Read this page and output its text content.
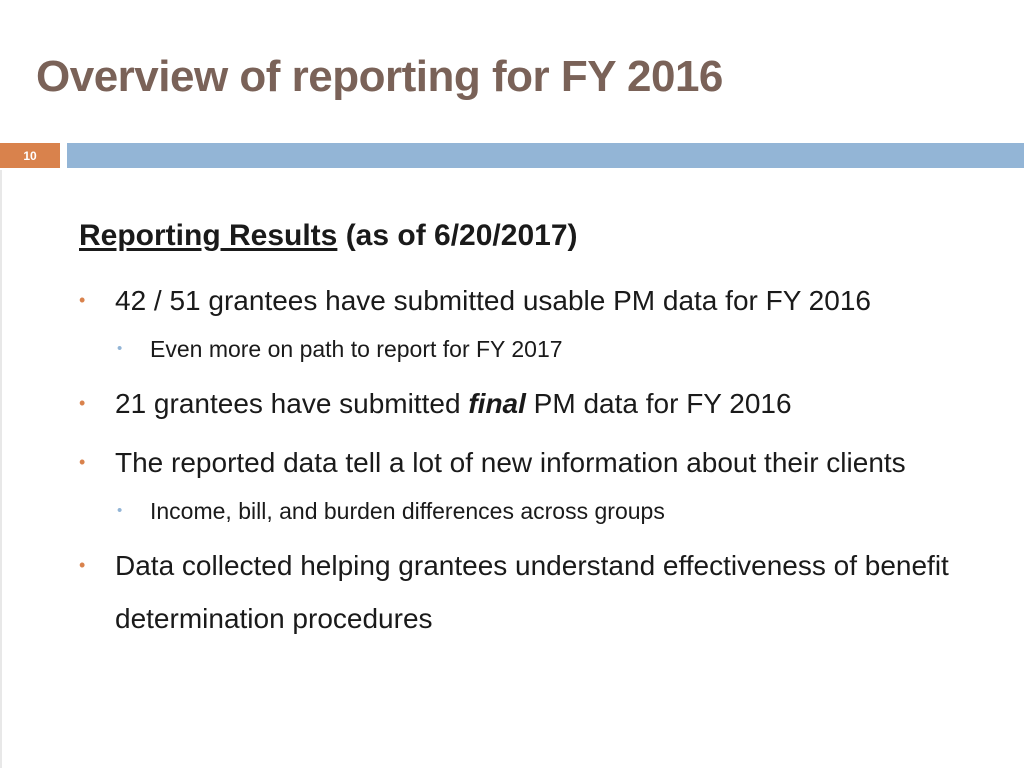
Overview of reporting for FY 2016
10
Reporting Results (as of 6/20/2017)
• 42 / 51 grantees have submitted usable PM data for FY 2016
• Even more on path to report for FY 2017
• 21 grantees have submitted final PM data for FY 2016
• The reported data tell a lot of new information about their clients
• Income, bill, and burden differences across groups
• Data collected helping grantees understand effectiveness of benefit determination procedures
